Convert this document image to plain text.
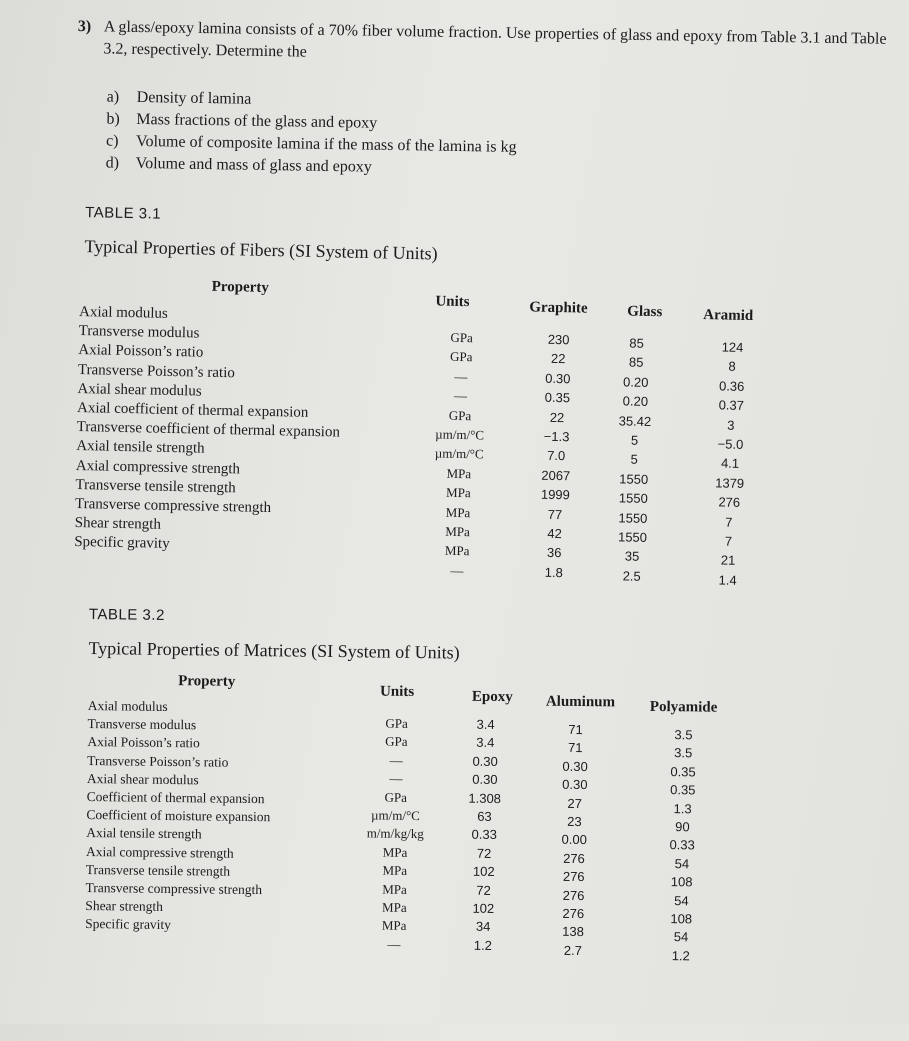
3) A glass/epoxy lamina consists of a 70% fiber volume fraction. Use properties of glass and epoxy from Table 3.1 and Table 3.2, respectively. Determine the
a) Density of lamina
b) Mass fractions of the glass and epoxy
c) Volume of composite lamina if the mass of the lamina is kg
d) Volume and mass of glass and epoxy
TABLE 3.1
Typical Properties of Fibers (SI System of Units)
Property
Units	Graphite	Glass	Aramid
Axial modulus
GPa	230	85	124
Transverse modulus
GPa	22	85	8
Axial Poisson’s ratio
—	0.30	0.20	0.36
Transverse Poisson’s ratio
—	0.35	0.20	0.37
Axial shear modulus
GPa	22	35.42	3
Axial coefficient of thermal expansion
µm/m/°C	−1.3	5	−5.0
Transverse coefficient of thermal expansion
µm/m/°C	7.0	5	4.1
Axial tensile strength
MPa	2067	1550	1379
Axial compressive strength
MPa	1999	1550	276
Transverse tensile strength
MPa	77	1550	7
Transverse compressive strength
MPa	42	1550	7
Shear strength
MPa	36	35	21
Specific gravity
—	1.8	2.5	1.4
TABLE 3.2
Typical Properties of Matrices (SI System of Units)
Property
Units	Epoxy Aluminum Polyamide
Axial modulus
GPa	3.4	71	3.5
Transverse modulus
GPa	3.4	71	3.5
Axial Poisson’s ratio
—	0.30	0.30	0.35
Transverse Poisson’s ratio
—	0.30	0.30	0.35
Axial shear modulus
GPa	1.308	27	1.3
Coefficient of thermal expansion
µm/m/°C	63	23	90
Coefficient of moisture expansion
m/m/kg/kg	0.33	0.00	0.33
Axial tensile strength
MPa	72	276	54
Axial compressive strength
MPa	102	276	108
Transverse tensile strength
MPa	72	276	54
Transverse compressive strength
MPa	102	276	108
Shear strength
MPa	34	138	54
Specific gravity
—	1.2	2.7	1.2
